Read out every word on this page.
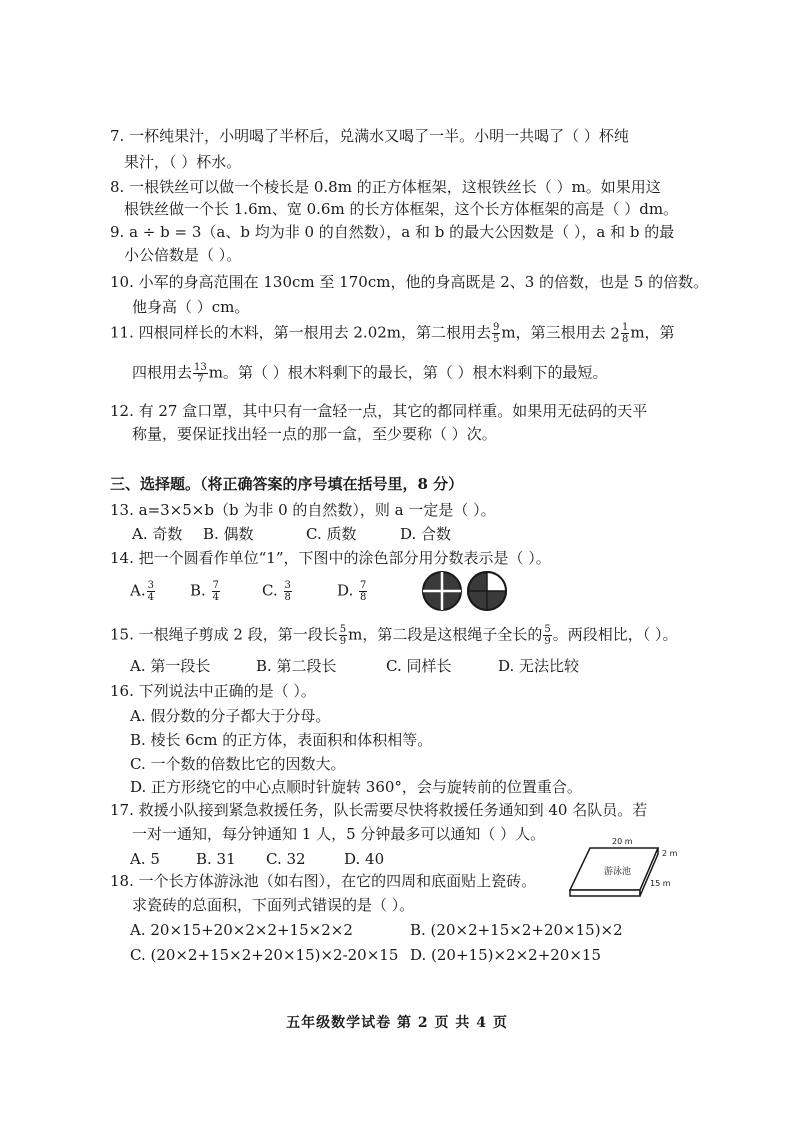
7. 一杯纯果汁，小明喝了半杯后，兑满水又喝了一半。小明一共喝了（ ）杯纯
果汁，（ ）杯水。
8. 一根铁丝可以做一个棱长是 0.8m 的正方体框架，这根铁丝长（ ）m。如果用这
根铁丝做一个长 1.6m、宽 0.6m 的长方体框架，这个长方体框架的高是（ ）dm。
9. a ÷ b = 3（a、b 均为非 0 的自然数），a 和 b 的最大公因数是（ ），a 和 b 的最
小公倍数是（ ）。
10. 小军的身高范围在 130cm 至 170cm，他的身高既是 2、3 的倍数，也是 5 的倍数。
他身高（ ）cm。
11. 四根同样长的木料，第一根用去 2.02m，第二根用去 $\frac{9}{5}$ m，第三根用去 $2 \frac{1}{8}$ m，第
四根用去 $\frac{13}{7}$ m。第（ ）根木料剩下的最长，第（ ）根木料剩下的最短。
12. 有 27 盒口罩，其中只有一盒轻一点，其它的都同样重。如果用无砝码的天平
称量，要保证找出轻一点的那一盒，至少要称（ ）次。
三、选择题。（将正确答案的序号填在括号里，8 分）
13. a=3×5×b（b 为非 0 的自然数），则 a 一定是（ ）。
A. 奇数 B. 偶数	C. 质数	D. 合数
14. 把一个圆看作单位“1”，下图中的涂色部分用分数表示是（ ）。
A. $\frac{3}{4} B$. $\frac{7}{4}$	C. $\frac{3}{8}$	D. $\frac{7}{8}$
15. 一根绳子剪成 2 段，第一段长 $\frac{5}{9}$ m，第二段是这根绳子全长的 $\frac{5}{9}$ 。两段相比，（ ）。
A. 第一段长	B. 第二段长	C. 同样长	D. 无法比较
16. 下列说法中正确的是（ ）。
A. 假分数的分子都大于分母。
B. 棱长 6cm 的正方体，表面积和体积相等。
C. 一个数的倍数比它的因数大。
D. 正方形绕它的中心点顺时针旋转 360°，会与旋转前的位置重合。
17. 救援小队接到紧急救援任务，队长需要尽快将救援任务通知到 40 名队员。若
一对一通知，每分钟通知 1 人，5 分钟最多可以通知（ ）人。
A. 5 B. 31 C. 32	D. 40
18. 一个长方体游泳池（如右图），在它的四周和底面贴上瓷砖。
求瓷砖的总面积，下面列式错误的是（ ）。
A. 20×15+20×2×2+15×2×2	B. (20×2+15×2+20×15)×2
C. (20×2+15×2+20×15)×2-20×15 D. (20+15)×2×2+20×15
游泳池
20 m
2 m
15 m
五年级数学试卷 第 2 页 共 4 页
